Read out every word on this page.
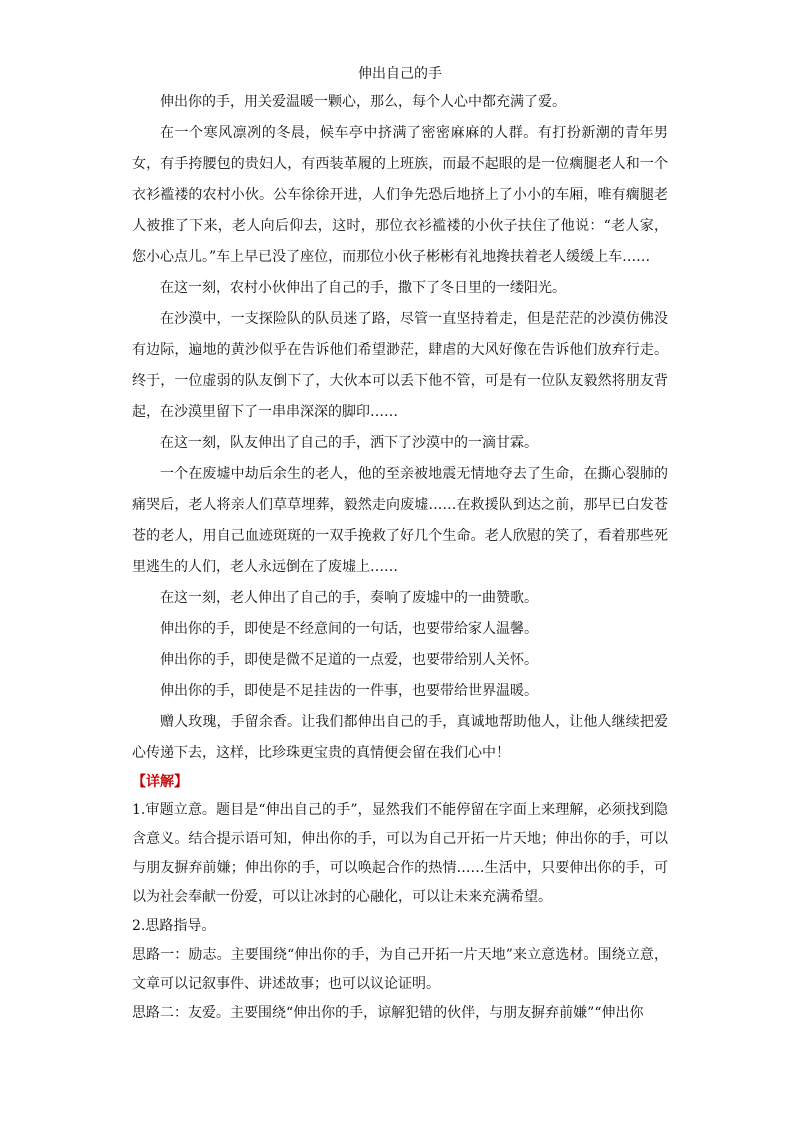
伸出自己的手

伸出你的手，用关爱温暖一颗心，那么，每个人心中都充满了爱。

在一个寒风凛冽的冬晨，候车亭中挤满了密密麻麻的人群。有打扮新潮的青年男女，有手挎腰包的贵妇人，有西装革履的上班族，而最不起眼的是一位瘸腿老人和一个衣衫褴褛的农村小伙。公车徐徐开进，人们争先恐后地挤上了小小的车厢，唯有瘸腿老人被推了下来，老人向后仰去，这时，那位衣衫褴褛的小伙子扶住了他说：“老人家，您小心点儿。”车上早已没了座位，而那位小伙子彬彬有礼地搀扶着老人缓缓上车……

在这一刻，农村小伙伸出了自己的手，撒下了冬日里的一缕阳光。

在沙漠中，一支探险队的队员迷了路，尽管一直坚持着走，但是茫茫的沙漠仿佛没有边际，遍地的黄沙似乎在告诉他们希望渺茫，肆虐的大风好像在告诉他们放弃行走。终于，一位虚弱的队友倒下了，大伙本可以丢下他不管，可是有一位队友毅然将朋友背起，在沙漠里留下了一串串深深的脚印……

在这一刻，队友伸出了自己的手，洒下了沙漠中的一滴甘霖。

一个在废墟中劫后余生的老人，他的至亲被地震无情地夺去了生命，在撕心裂肺的痛哭后，老人将亲人们草草埋葬，毅然走向废墟……在救援队到达之前，那早已白发苍苍的老人，用自己血迹斑斑的一双手挽救了好几个生命。老人欣慰的笑了，看着那些死里逃生的人们，老人永远倒在了废墟上……

在这一刻，老人伸出了自己的手，奏响了废墟中的一曲赞歌。

伸出你的手，即使是不经意间的一句话，也要带给家人温馨。

伸出你的手，即使是微不足道的一点爱，也要带给别人关怀。

伸出你的手，即使是不足挂齿的一件事，也要带给世界温暖。

赠人玫瑰，手留余香。让我们都伸出自己的手，真诚地帮助他人，让他人继续把爱心传递下去，这样，比珍珠更宝贵的真情便会留在我们心中！

【详解】

1.审题立意。题目是“伸出自己的手”，显然我们不能停留在字面上来理解，必须找到隐含意义。结合提示语可知，伸出你的手，可以为自己开拓一片天地；伸出你的手，可以与朋友摒弃前嫌；伸出你的手，可以唤起合作的热情……生活中，只要伸出你的手，可以为社会奉献一份爱，可以让冰封的心融化，可以让未来充满希望。

2.思路指导。

思路一：励志。主要围绕“伸出你的手，为自己开拓一片天地”来立意选材。围绕立意，文章可以记叙事件、讲述故事；也可以议论证明。

思路二：友爱。主要围绕“伸出你的手，谅解犯错的伙伴，与朋友摒弃前嫌”“伸出你
